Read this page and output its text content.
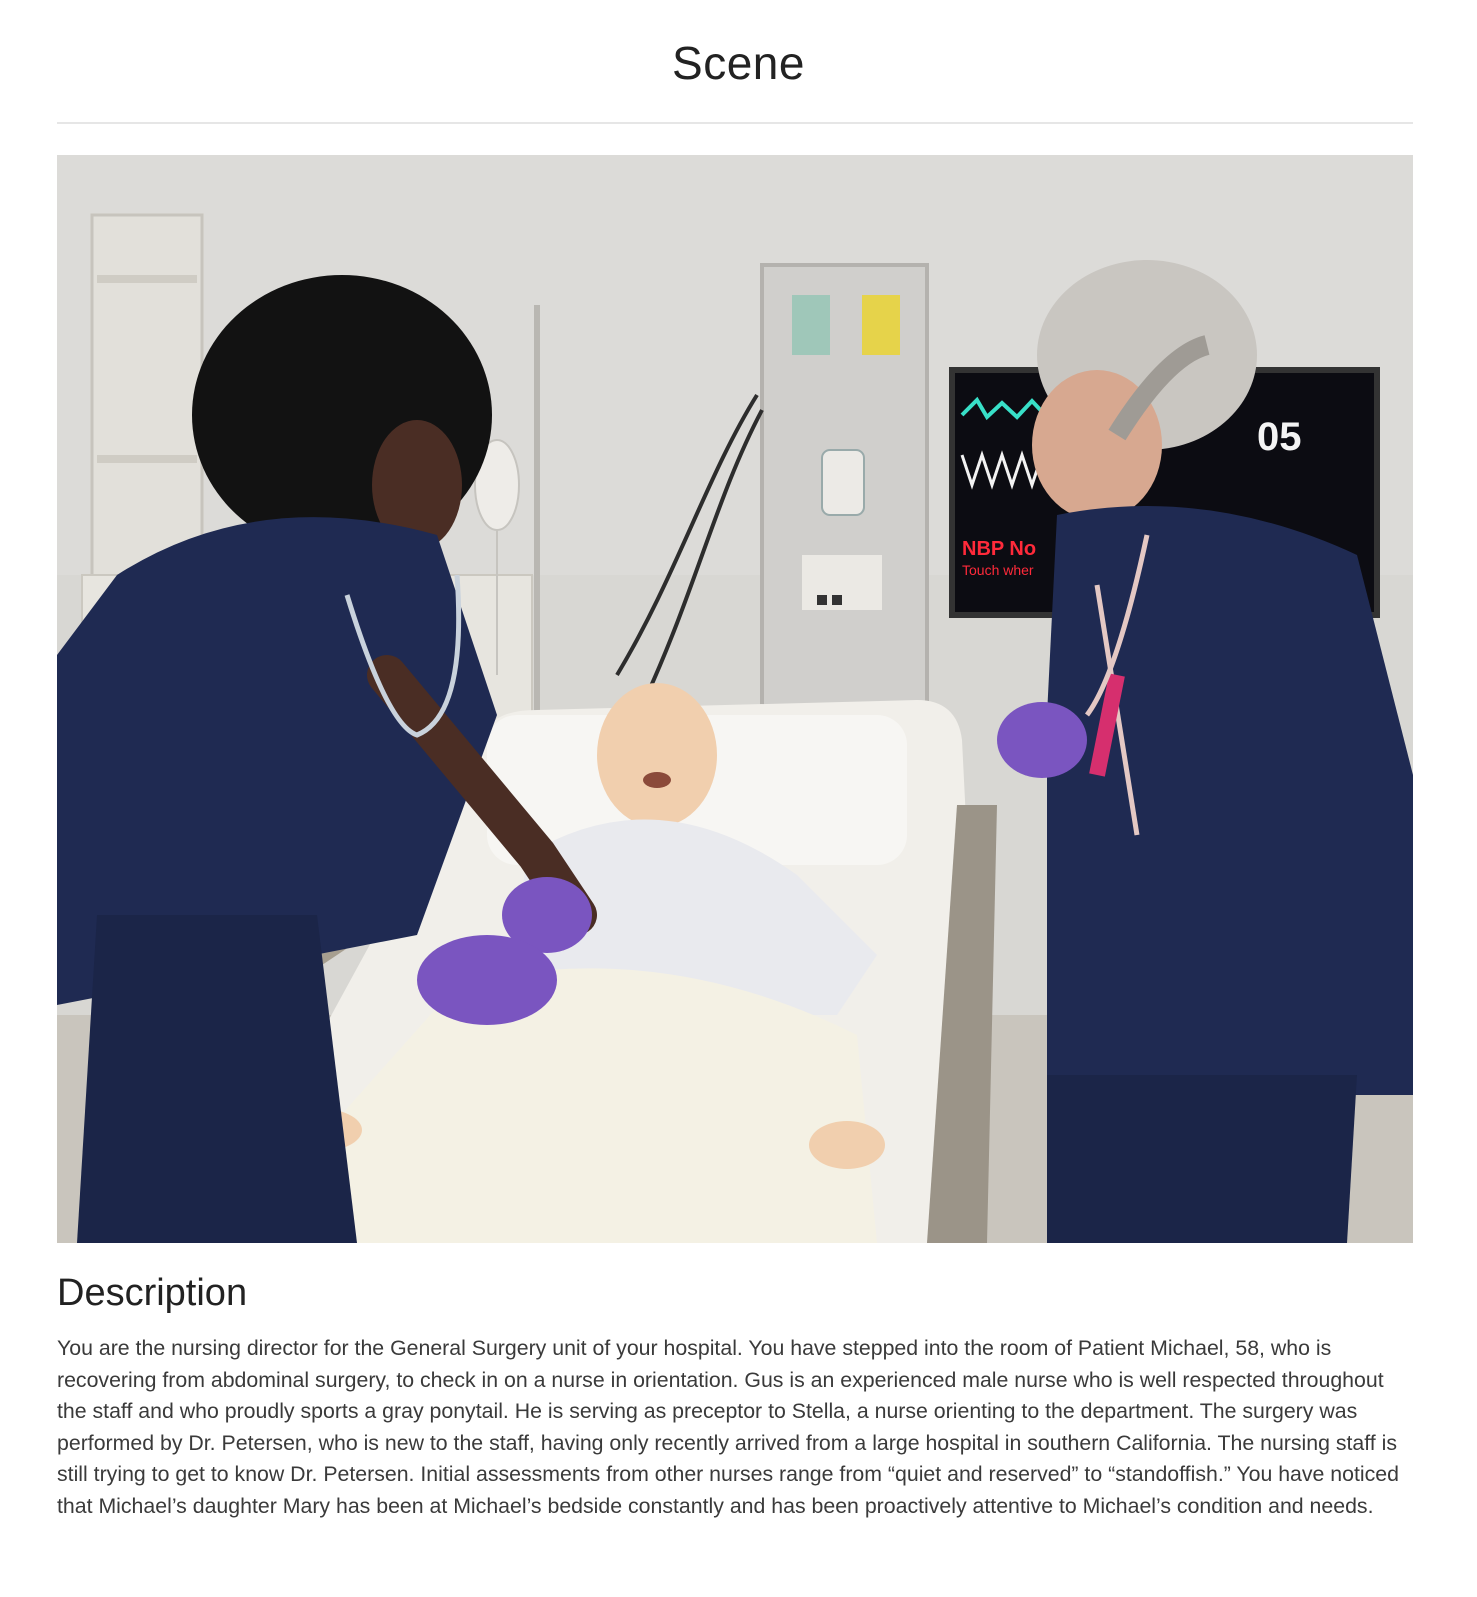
Scene
05
NBP No
Touch wher
Description

You are the nursing director for the General Surgery unit of your hospital. You have stepped into the room of Patient Michael, 58, who is recovering from abdominal surgery, to check in on a nurse in orientation. Gus is an experienced male nurse who is well respected throughout the staff and who proudly sports a gray ponytail. He is serving as preceptor to Stella, a nurse orienting to the department. The surgery was performed by Dr. Petersen, who is new to the staff, having only recently arrived from a large hospital in southern California. The nursing staff is still trying to get to know Dr. Petersen. Initial assessments from other nurses range from “quiet and reserved” to “standoffish.” You have noticed that Michael’s daughter Mary has been at Michael’s bedside constantly and has been proactively attentive to Michael’s condition and needs.
